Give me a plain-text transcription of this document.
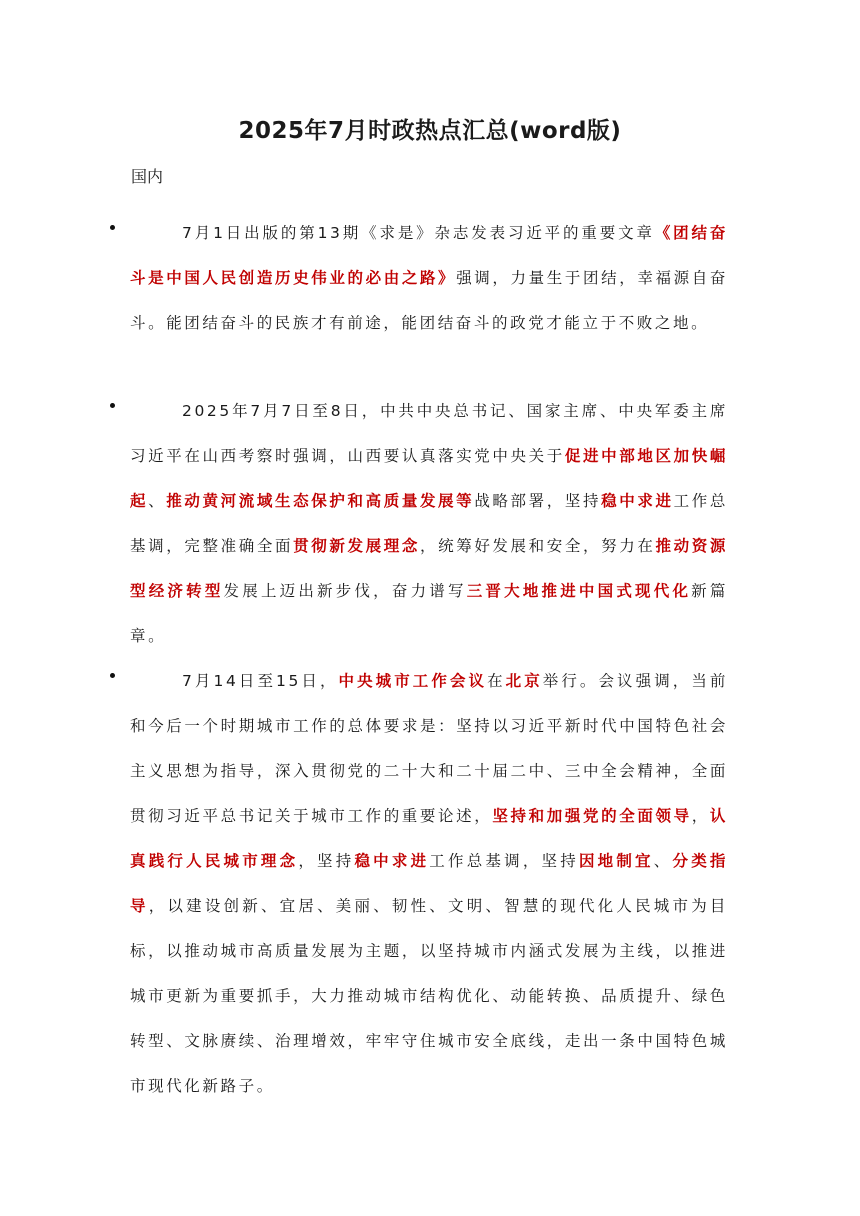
2025年7月时政热点汇总(word版)

国内

7月1日出版的第13期《求是》杂志发表习近平的重要文章《团结奋斗是中国人民创造历史伟业的必由之路》强调，力量生于团结，幸福源自奋斗。能团结奋斗的民族才有前途，能团结奋斗的政党才能立于不败之地。

2025年7月7日至8日，中共中央总书记、国家主席、中央军委主席习近平在山西考察时强调，山西要认真落实党中央关于促进中部地区加快崛起、推动黄河流域生态保护和高质量发展等战略部署，坚持稳中求进工作总基调，完整准确全面贯彻新发展理念，统筹好发展和安全，努力在推动资源型经济转型发展上迈出新步伐，奋力谱写三晋大地推进中国式现代化新篇章。

7月14日至15日，中央城市工作会议在北京举行。会议强调，当前和今后一个时期城市工作的总体要求是：坚持以习近平新时代中国特色社会主义思想为指导，深入贯彻党的二十大和二十届二中、三中全会精神，全面贯彻习近平总书记关于城市工作的重要论述，坚持和加强党的全面领导，认真践行人民城市理念，坚持稳中求进工作总基调，坚持因地制宜、分类指导，以建设创新、宜居、美丽、韧性、文明、智慧的现代化人民城市为目标，以推动城市高质量发展为主题，以坚持城市内涵式发展为主线，以推进城市更新为重要抓手，大力推动城市结构优化、动能转换、品质提升、绿色转型、文脉赓续、治理增效，牢牢守住城市安全底线，走出一条中国特色城市现代化新路子。
